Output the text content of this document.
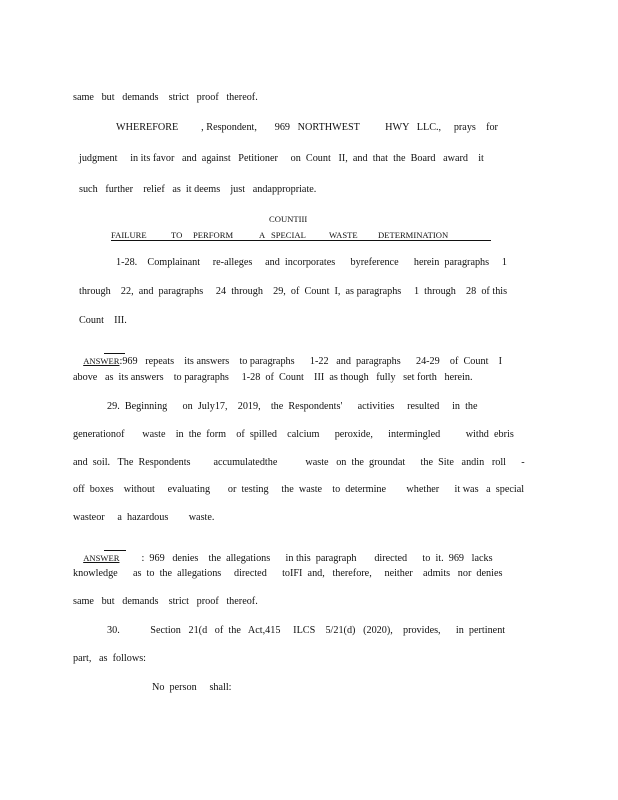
same   but   demands    strict   proof   thereof.
WHEREFORE         , Respondent,       969   NORTHWEST          HWY   LLC.,     prays    for
judgment     in its favor   and  against   Petitioner     on  Count   II,  and  that  the  Board   award    it
such   further    relief   as  it deems    just   andappropriate.
COUNTIII
FAILURE	TO PERFORM	A SPECIAL	WASTE DETERMINATION
1-28.    Complainant     re-alleges     and  incorporates      byreference      herein  paragraphs     1
through    22,  and  paragraphs     24  through    29,  of  Count  I,  as paragraphs     1  through    28  of this
Count    III.

ANSWER:969   repeats    its answers    to paragraphs      1-22   and  paragraphs      24-29    of  Count    I

above   as  its answers    to paragraphs     1-28  of  Count    III  as though   fully   set forth   herein.
29.  Beginning      on  July17,    2019,    the  Respondents'      activities     resulted     in  the
generationof       waste    in  the  form    of  spilled    calcium      peroxide,      intermingled          withd  ebris
and  soil.   The  Respondents         accumulatedthe           waste   on  the  groundat      the  Site   andin   roll      -
off  boxes    without     evaluating       or  testing     the  waste    to  determine        whether      it was   a  special
wasteor     a  hazardous        waste.

ANSWER :  969   denies    the  allegations      in this  paragraph       directed      to  it.  969   lacks

knowledge      as  to  the  allegations     directed      toIFI  and,   therefore,     neither    admits   nor  denies
same   but   demands    strict   proof   thereof.
30.            Section   21(d   of  the   Act,415     ILCS    5/21(d)   (2020),    provides,      in  pertinent
part,   as  follows:
No  person     shall:
